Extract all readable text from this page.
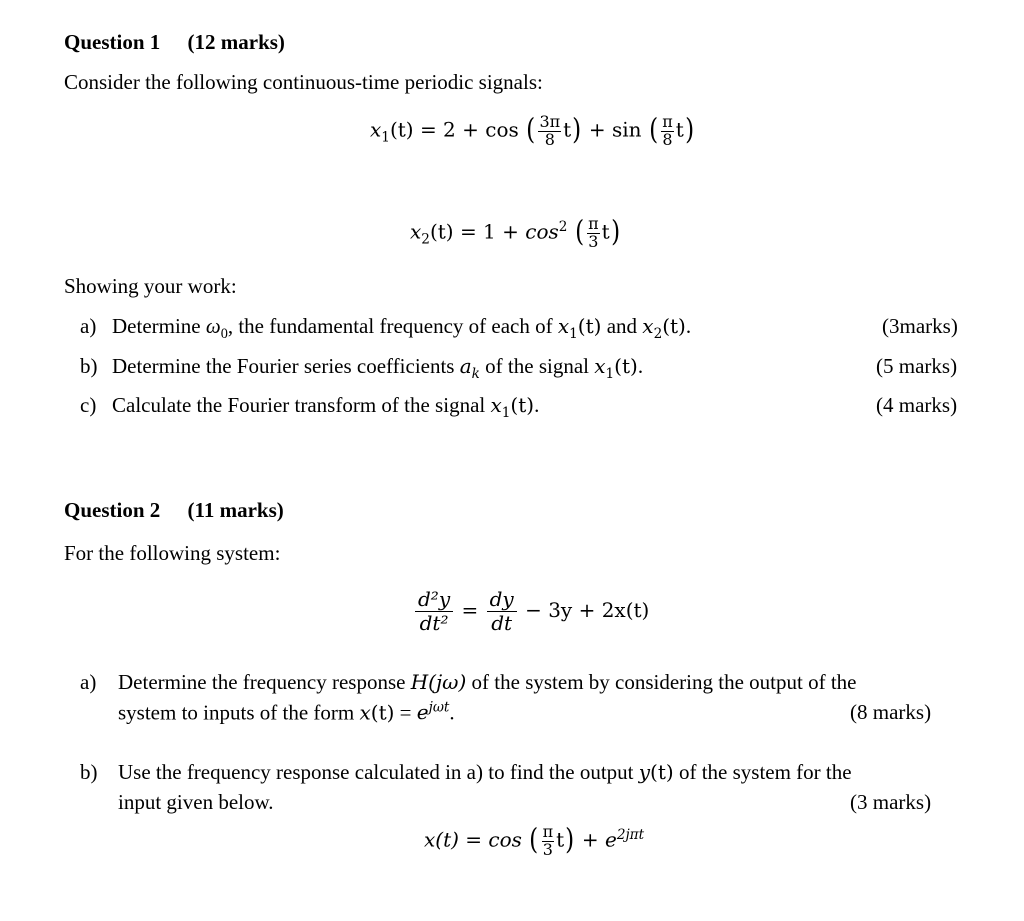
Question 1 (12 marks)
Consider the following continuous-time periodic signals:
$x_1(t) = 2 + \cos$ ( $\frac{3\pi}{8} t) + \sin$ ( $\frac{\pi}{8} t$)
$x_2(t) = 1 + \cos^2$ ( $\frac{\pi}{3} t$)
Showing your work:
a) Determine $\omega_0$, the fundamental frequency of each of $x_1(t)$ and $x_2(t)$.	(3marks)
b) Determine the Fourier series coefficients $a_k$ of the signal $x_1(t)$.	(5 marks)
c) Calculate the Fourier transform of the signal $x_1(t)$.	(4 marks)
Question 2 (11 marks)
For the following system:
$\frac{\text{d²y}}{\text{dt²}} = \frac{dy}{dt} - 3y + 2x(t)$
a) Determine the frequency response H(jω) of the system by considering the output of the
system to inputs of the form $x(t) = e^{j\omega t}$.	(8 marks)
b) Use the frequency response calculated in a) to find the output y(t) of the system for the
input given below.	(3 marks)
x(t) = cos ( $\frac{\pi}{3} t) + e^{2j\pi t}$
